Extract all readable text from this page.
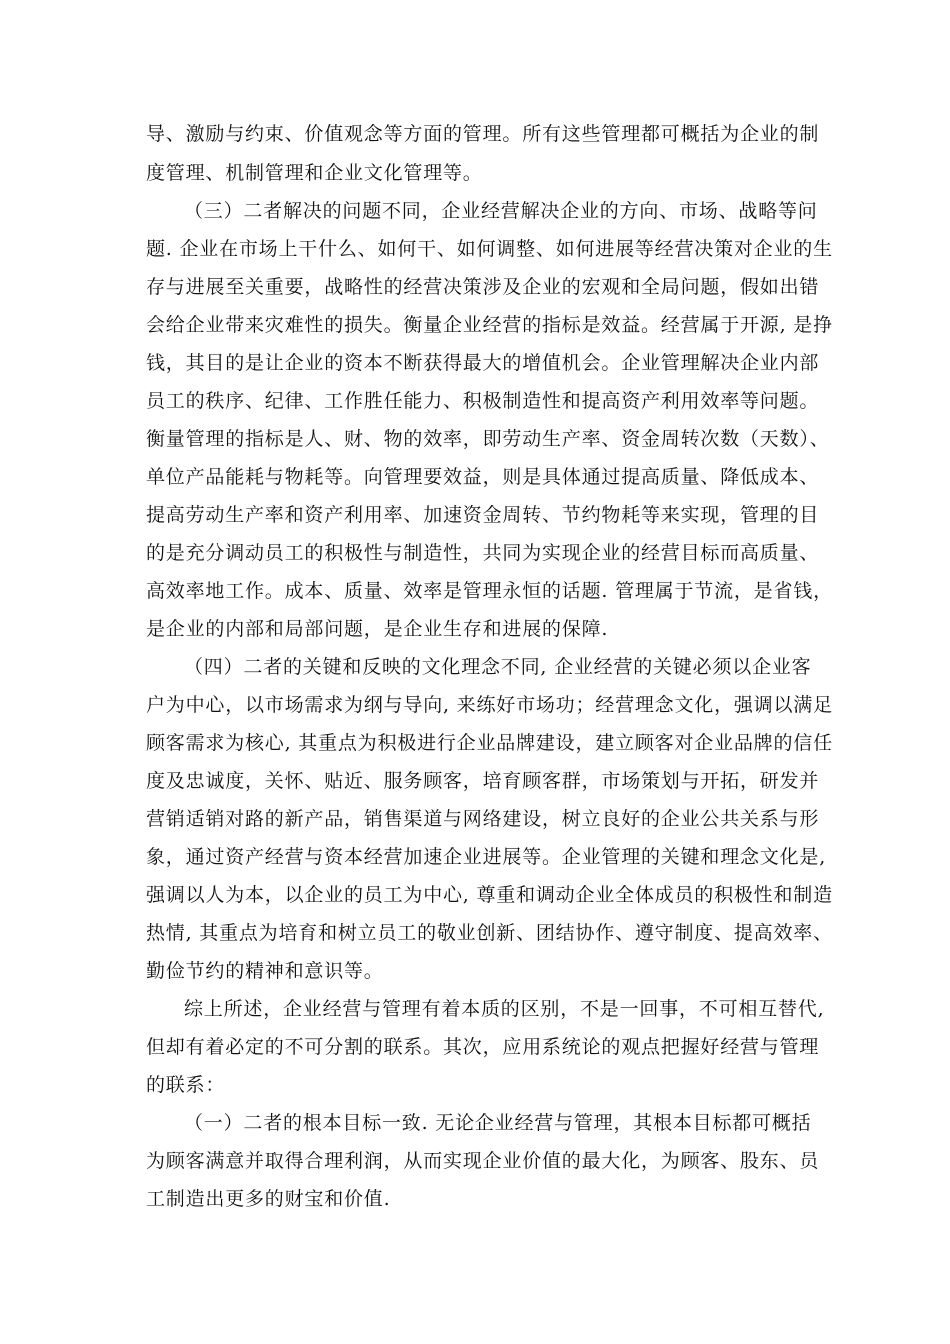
导、激励与约束、价值观念等方面的管理。所有这些管理都可概括为企业的制
度管理、机制管理和企业文化管理等。
（三）二者解决的问题不同，企业经营解决企业的方向、市场、战略等问
题. 企业在市场上干什么、如何干、如何调整、如何进展等经营决策对企业的生
存与进展至关重要，战略性的经营决策涉及企业的宏观和全局问题，假如出错
会给企业带来灾难性的损失。衡量企业经营的指标是效益。经营属于开源, 是挣
钱，其目的是让企业的资本不断获得最大的增值机会。企业管理解决企业内部
员工的秩序、纪律、工作胜任能力、积极制造性和提高资产利用效率等问题。
衡量管理的指标是人、财、物的效率，即劳动生产率、资金周转次数（天数）、
单位产品能耗与物耗等。向管理要效益，则是具体通过提高质量、降低成本、
提高劳动生产率和资产利用率、加速资金周转、节约物耗等来实现，管理的目
的是充分调动员工的积极性与制造性，共同为实现企业的经营目标而高质量、
高效率地工作。成本、质量、效率是管理永恒的话题. 管理属于节流，是省钱，
是企业的内部和局部问题，是企业生存和进展的保障.
（四）二者的关键和反映的文化理念不同, 企业经营的关键必须以企业客
户为中心，以市场需求为纲与导向, 来练好市场功；经营理念文化，强调以满足
顾客需求为核心, 其重点为积极进行企业品牌建设，建立顾客对企业品牌的信任
度及忠诚度，关怀、贴近、服务顾客，培育顾客群，市场策划与开拓，研发并
营销适销对路的新产品，销售渠道与网络建设，树立良好的企业公共关系与形
象，通过资产经营与资本经营加速企业进展等。企业管理的关键和理念文化是,
强调以人为本，以企业的员工为中心, 尊重和调动企业全体成员的积极性和制造
热情, 其重点为培育和树立员工的敬业创新、团结协作、遵守制度、提高效率、
勤俭节约的精神和意识等。
综上所述，企业经营与管理有着本质的区别，不是一回事，不可相互替代,
但却有着必定的不可分割的联系。其次，应用系统论的观点把握好经营与管理
的联系：
（一）二者的根本目标一致. 无论企业经营与管理，其根本目标都可概括
为顾客满意并取得合理利润，从而实现企业价值的最大化，为顾客、股东、员
工制造出更多的财宝和价值.
